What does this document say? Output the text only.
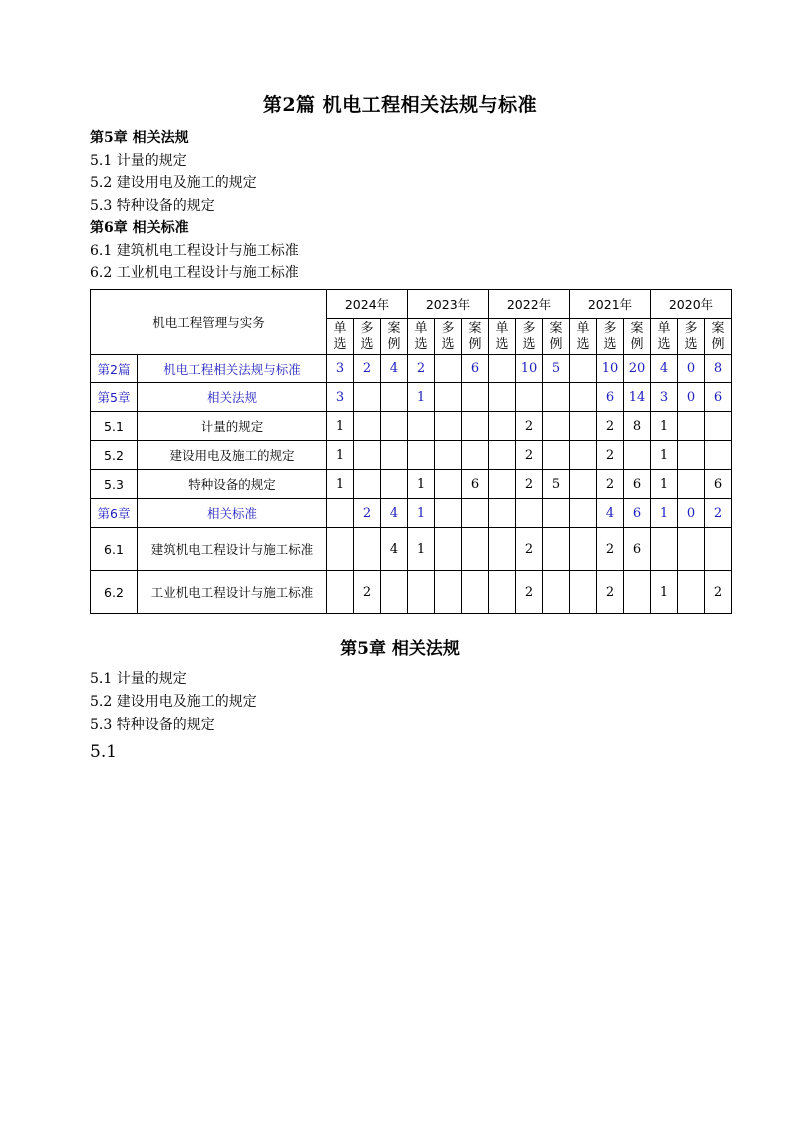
第2篇 机电工程相关法规与标准
第5章 相关法规
5.1 计量的规定
5.2 建设用电及施工的规定
5.3 特种设备的规定
第6章 相关标准
6.1 建筑机电工程设计与施工标准
6.2 工业机电工程设计与施工标准
机电工程管理与实务		2024年			2023年			2022年			2021年			2020年		
		单选	多选	案例	单选	多选	案例	单选	多选	案例	单选	多选	案例	单选	多选	案例
第2篇	机电工程相关法规与标准	3	2	4	2		6		10	5		10	20	4	0	8
第5章	相关法规	3			1							6	14	3	0	6
5.1	计量的规定	1							2			2	8	1		
5.2	建设用电及施工的规定	1							2			2		1		
5.3	特种设备的规定	1			1		6		2	5		2	6	1		6
第6章	相关标准		2	4	1							4	6	1	0	2
6.1	建筑机电工程设计与施工标准			4	1				2			2	6			
6.2	工业机电工程设计与施工标准		2						2			2		1		2
第5章 相关法规
5.1 计量的规定
5.2 建设用电及施工的规定
5.3 特种设备的规定
5.1
